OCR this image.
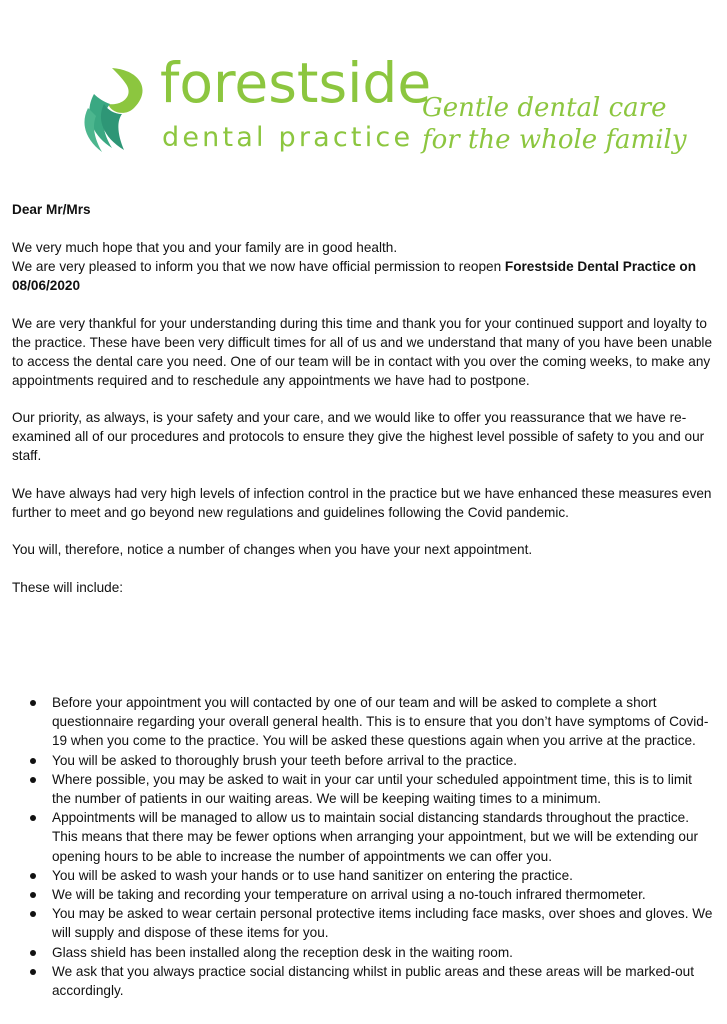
forestside
dental practice
Gentle dental care
for the whole family

Dear Mr/Mrs

We very much hope that you and your family are in good health.

We are very pleased to inform you that we now have official permission to reopen Forestside Dental Practice on 08/06/2020

We are very thankful for your understanding during this time and thank you for your continued support and loyalty to the practice. These have been very difficult times for all of us and we understand that many of you have been unable to access the dental care you need. One of our team will be in contact with you over the coming weeks, to make any appointments required and to reschedule any appointments we have had to postpone.

Our priority, as always, is your safety and your care, and we would like to offer you reassurance that we have re-examined all of our procedures and protocols to ensure they give the highest level possible of safety to you and our staff.

We have always had very high levels of infection control in the practice but we have enhanced these measures even further to meet and go beyond new regulations and guidelines following the Covid pandemic.

You will, therefore, notice a number of changes when you have your next appointment.

These will include:

Before your appointment you will contacted by one of our team and will be asked to complete a short questionnaire regarding your overall general health. This is to ensure that you don’t have symptoms of Covid-19 when you come to the practice. You will be asked these questions again when you arrive at the practice.
You will be asked to thoroughly brush your teeth before arrival to the practice.
Where possible, you may be asked to wait in your car until your scheduled appointment time, this is to limit the number of patients in our waiting areas. We will be keeping waiting times to a minimum.
Appointments will be managed to allow us to maintain social distancing standards throughout the practice. This means that there may be fewer options when arranging your appointment, but we will be extending our opening hours to be able to increase the number of appointments we can offer you.
You will be asked to wash your hands or to use hand sanitizer on entering the practice.
We will be taking and recording your temperature on arrival using a no-touch infrared thermometer.
You may be asked to wear certain personal protective items including face masks, over shoes and gloves. We will supply and dispose of these items for you.
Glass shield has been installed along the reception desk in the waiting room.
We ask that you always practice social distancing whilst in public areas and these areas will be marked-out accordingly.
